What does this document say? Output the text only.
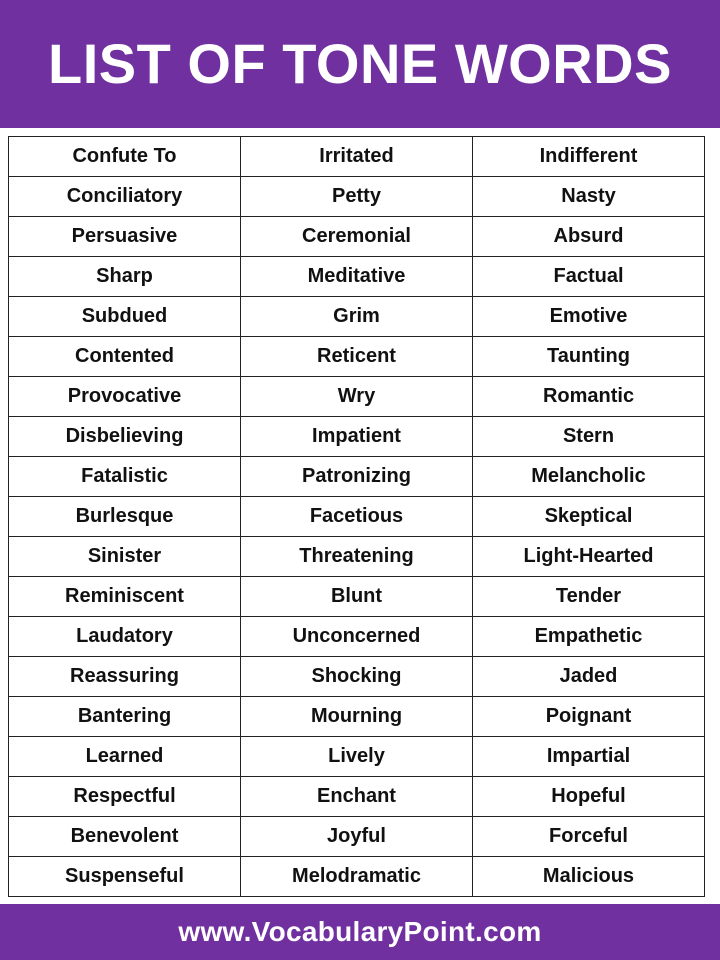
LIST OF TONE WORDS
Confute To	Irritated	Indifferent
Conciliatory	Petty	Nasty
Persuasive	Ceremonial	Absurd
Sharp	Meditative	Factual
Subdued	Grim	Emotive
Contented	Reticent	Taunting
Provocative	Wry	Romantic
Disbelieving	Impatient	Stern
Fatalistic	Patronizing	Melancholic
Burlesque	Facetious	Skeptical
Sinister	Threatening	Light-Hearted
Reminiscent	Blunt	Tender
Laudatory	Unconcerned	Empathetic
Reassuring	Shocking	Jaded
Bantering	Mourning	Poignant
Learned	Lively	Impartial
Respectful	Enchant	Hopeful
Benevolent	Joyful	Forceful
Suspenseful	Melodramatic	Malicious
www.VocabularyPoint.com
